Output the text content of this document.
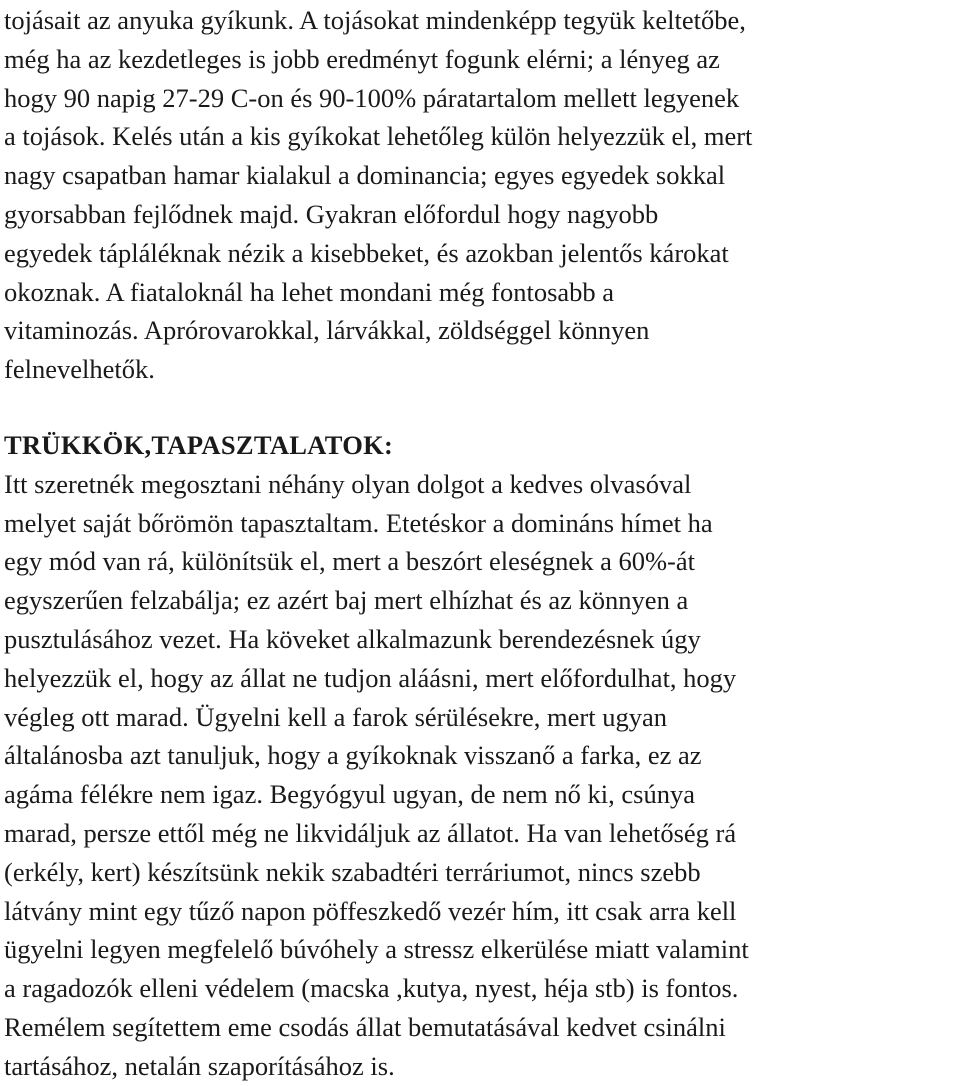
tojásait az anyuka gyíkunk. A tojásokat mindenképp tegyük keltetőbe,
még ha az kezdetleges is jobb eredményt fogunk elérni; a lényeg az
hogy 90 napig 27-29 C-on és 90-100% páratartalom mellett legyenek
a tojások. Kelés után a kis gyíkokat lehetőleg külön helyezzük el, mert
nagy csapatban hamar kialakul a dominancia; egyes egyedek sokkal
gyorsabban fejlődnek majd. Gyakran előfordul hogy nagyobb
egyedek tápláléknak nézik a kisebbeket, és azokban jelentős károkat
okoznak. A fiataloknál ha lehet mondani még fontosabb a
vitaminozás. Aprórovarokkal, lárvákkal, zöldséggel könnyen
felnevelhetők.

TRÜKKÖK,TAPASZTALATOK:

Itt szeretnék megosztani néhány olyan dolgot a kedves olvasóval
melyet saját bőrömön tapasztaltam. Etetéskor a domináns hímet ha
egy mód van rá, különítsük el, mert a beszórt eleségnek a 60%-át
egyszerűen felzabálja; ez azért baj mert elhízhat és az könnyen a
pusztulásához vezet. Ha köveket alkalmazunk berendezésnek úgy
helyezzük el, hogy az állat ne tudjon aláásni, mert előfordulhat, hogy
végleg ott marad. Ügyelni kell a farok sérülésekre, mert ugyan
általánosba azt tanuljuk, hogy a gyíkoknak visszanő a farka, ez az
agáma félékre nem igaz. Begyógyul ugyan, de nem nő ki, csúnya
marad, persze ettől még ne likvidáljuk az állatot. Ha van lehetőség rá
(erkély, kert) készítsünk nekik szabadtéri terráriumot, nincs szebb
látvány mint egy tűző napon pöffeszkedő vezér hím, itt csak arra kell
ügyelni legyen megfelelő búvóhely a stressz elkerülése miatt valamint
a ragadozók elleni védelem (macska ,kutya, nyest, héja stb) is fontos.
Remélem segítettem eme csodás állat bemutatásával kedvet csinálni
tartásához, netalán szaporításához is.
